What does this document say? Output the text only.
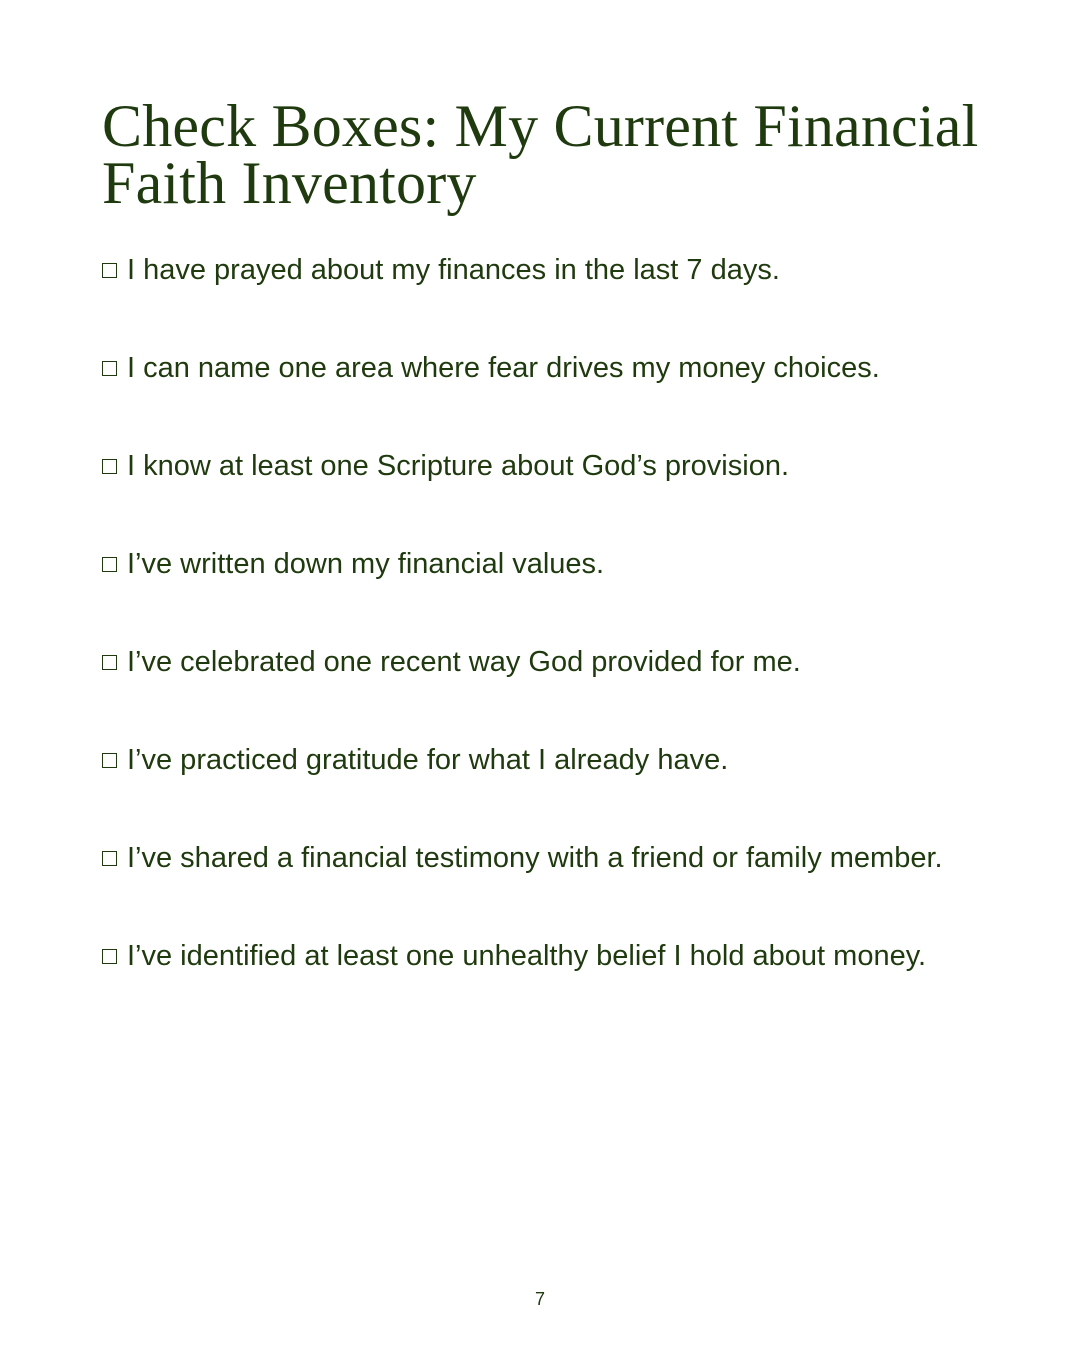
Check Boxes: My Current Financial Faith Inventory
I have prayed about my finances in the last 7 days.
I can name one area where fear drives my money choices.
I know at least one Scripture about God’s provision.
I’ve written down my financial values.
I’ve celebrated one recent way God provided for me.
I’ve practiced gratitude for what I already have.
I’ve shared a financial testimony with a friend or family member.
I’ve identified at least one unhealthy belief I hold about money.
7
